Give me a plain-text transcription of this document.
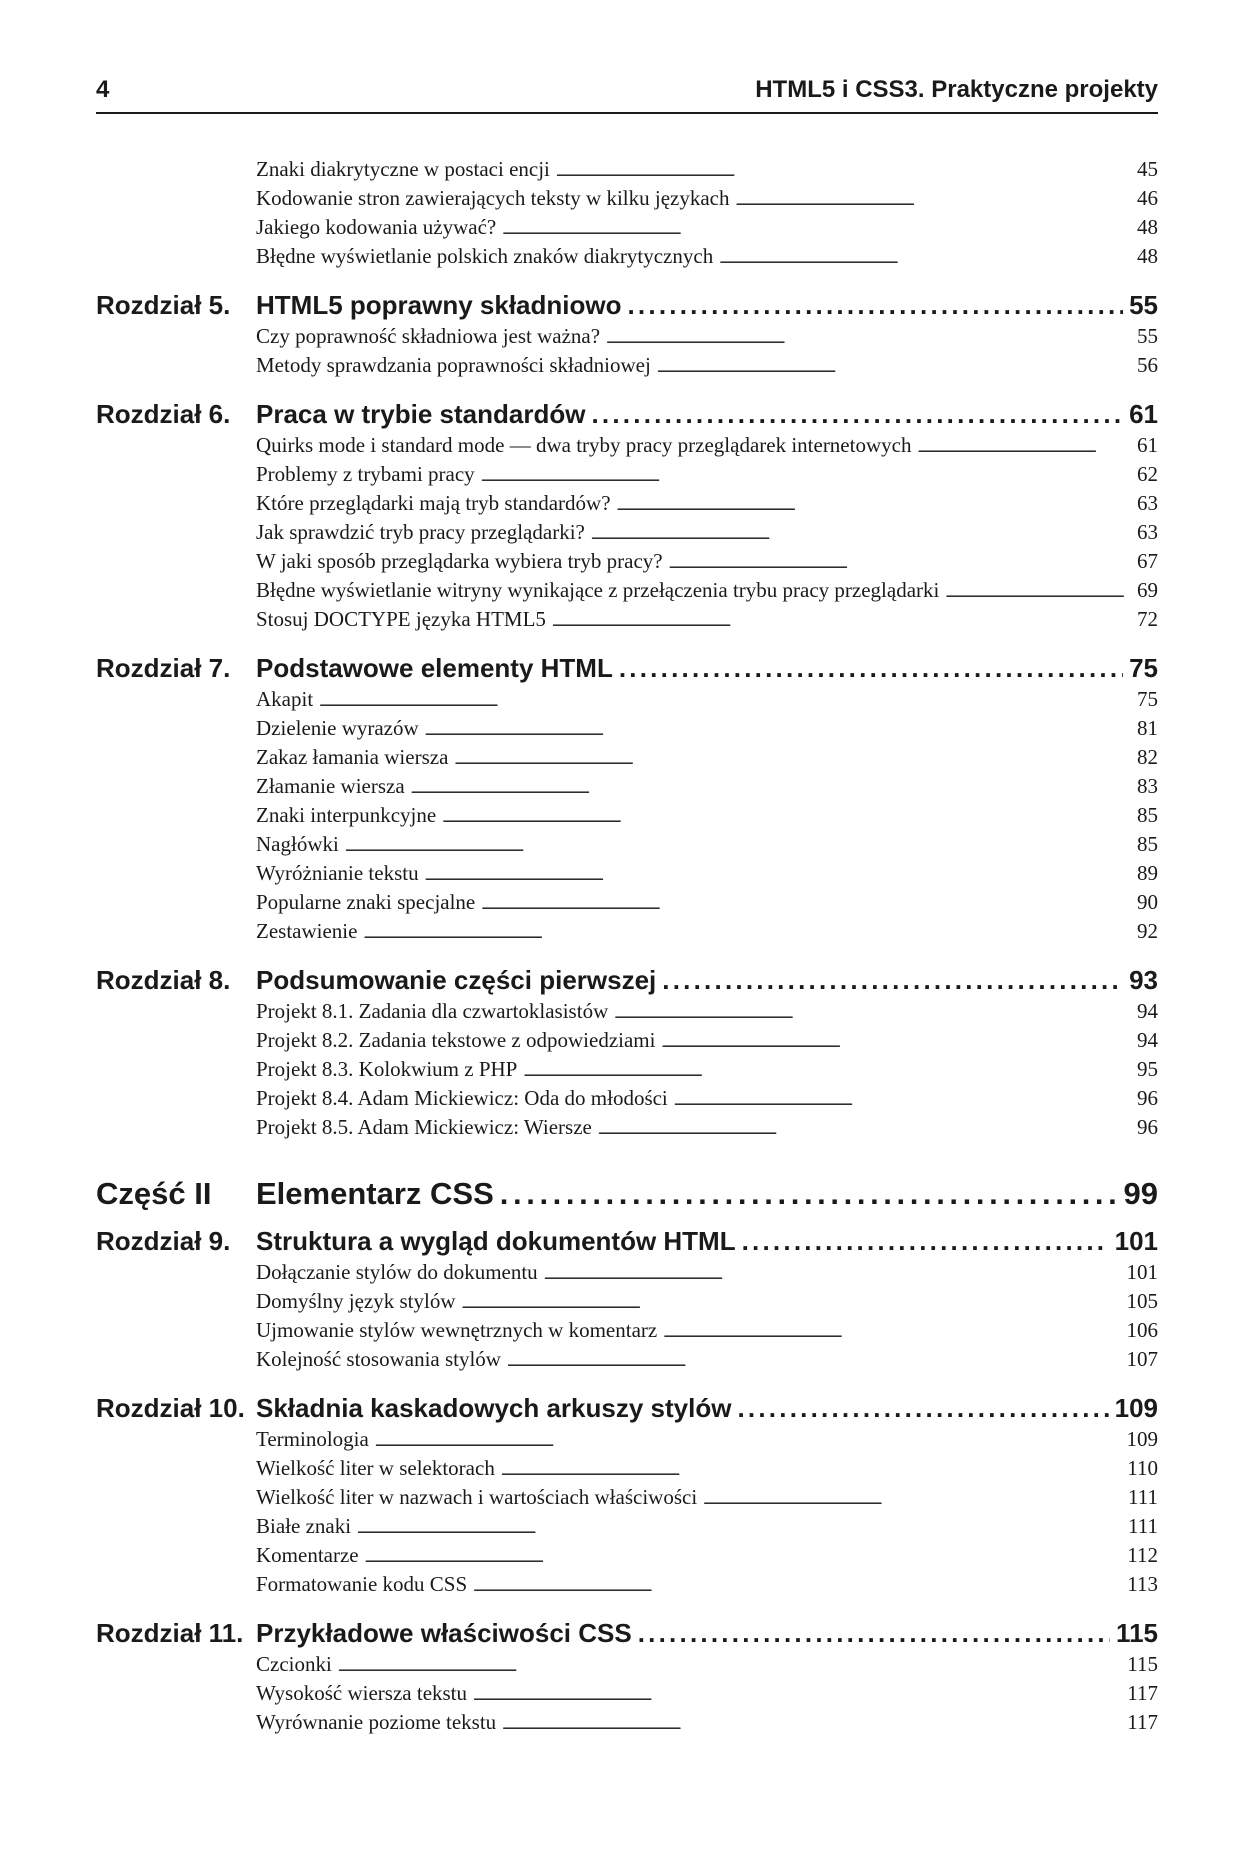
4	HTML5 i CSS3. Praktyczne projekty
Znaki diakrytyczne w postaci encji . . .	45
Kodowanie stron zawierających teksty w kilku językach . . .	46
Jakiego kodowania używać? . . .	48
Błędne wyświetlanie polskich znaków diakrytycznych . . .	48
Rozdział 5. HTML5 poprawny składniowo . . .	55
Czy poprawność składniowa jest ważna? . . .	55
Metody sprawdzania poprawności składniowej . . .	56
Rozdział 6. Praca w trybie standardów . . .	61
Quirks mode i standard mode — dwa tryby pracy przeglądarek internetowych . . .	61
Problemy z trybami pracy . . .	62
Które przeglądarki mają tryb standardów? . . .	63
Jak sprawdzić tryb pracy przeglądarki? . . .	63
W jaki sposób przeglądarka wybiera tryb pracy? . . .	67
Błędne wyświetlanie witryny wynikające z przełączenia trybu pracy przeglądarki . . .	69
Stosuj DOCTYPE języka HTML5 . . .	72
Rozdział 7. Podstawowe elementy HTML . . .	75
Akapit . . .	75
Dzielenie wyrazów . . .	81
Zakaz łamania wiersza . . .	82
Złamanie wiersza . . .	83
Znaki interpunkcyjne . . .	85
Nagłówki . . .	85
Wyróżnianie tekstu . . .	89
Popularne znaki specjalne . . .	90
Zestawienie . . .	92
Rozdział 8. Podsumowanie części pierwszej . . .	93
Projekt 8.1. Zadania dla czwartoklasistów . . .	94
Projekt 8.2. Zadania tekstowe z odpowiedziami . . .	94
Projekt 8.3. Kolokwium z PHP . . .	95
Projekt 8.4. Adam Mickiewicz: Oda do młodości . . .	96
Projekt 8.5. Adam Mickiewicz: Wiersze . . .	96
Część II	Elementarz CSS . . .	99
Rozdział 9. Struktura a wygląd dokumentów HTML . . .	101
Dołączanie stylów do dokumentu . . .	101
Domyślny język stylów . . .	105
Ujmowanie stylów wewnętrznych w komentarz . . .	106
Kolejność stosowania stylów . . .	107
Rozdział 10. Składnia kaskadowych arkuszy stylów . . .	109
Terminologia . . .	109
Wielkość liter w selektorach . . .	110
Wielkość liter w nazwach i wartościach właściwości . . .	111
Białe znaki . . .	111
Komentarze . . .	112
Formatowanie kodu CSS . . .	113
Rozdział 11. Przykładowe właściwości CSS . . .	115
Czcionki . . .	115
Wysokość wiersza tekstu . . .	117
Wyrównanie poziome tekstu . . .	117
